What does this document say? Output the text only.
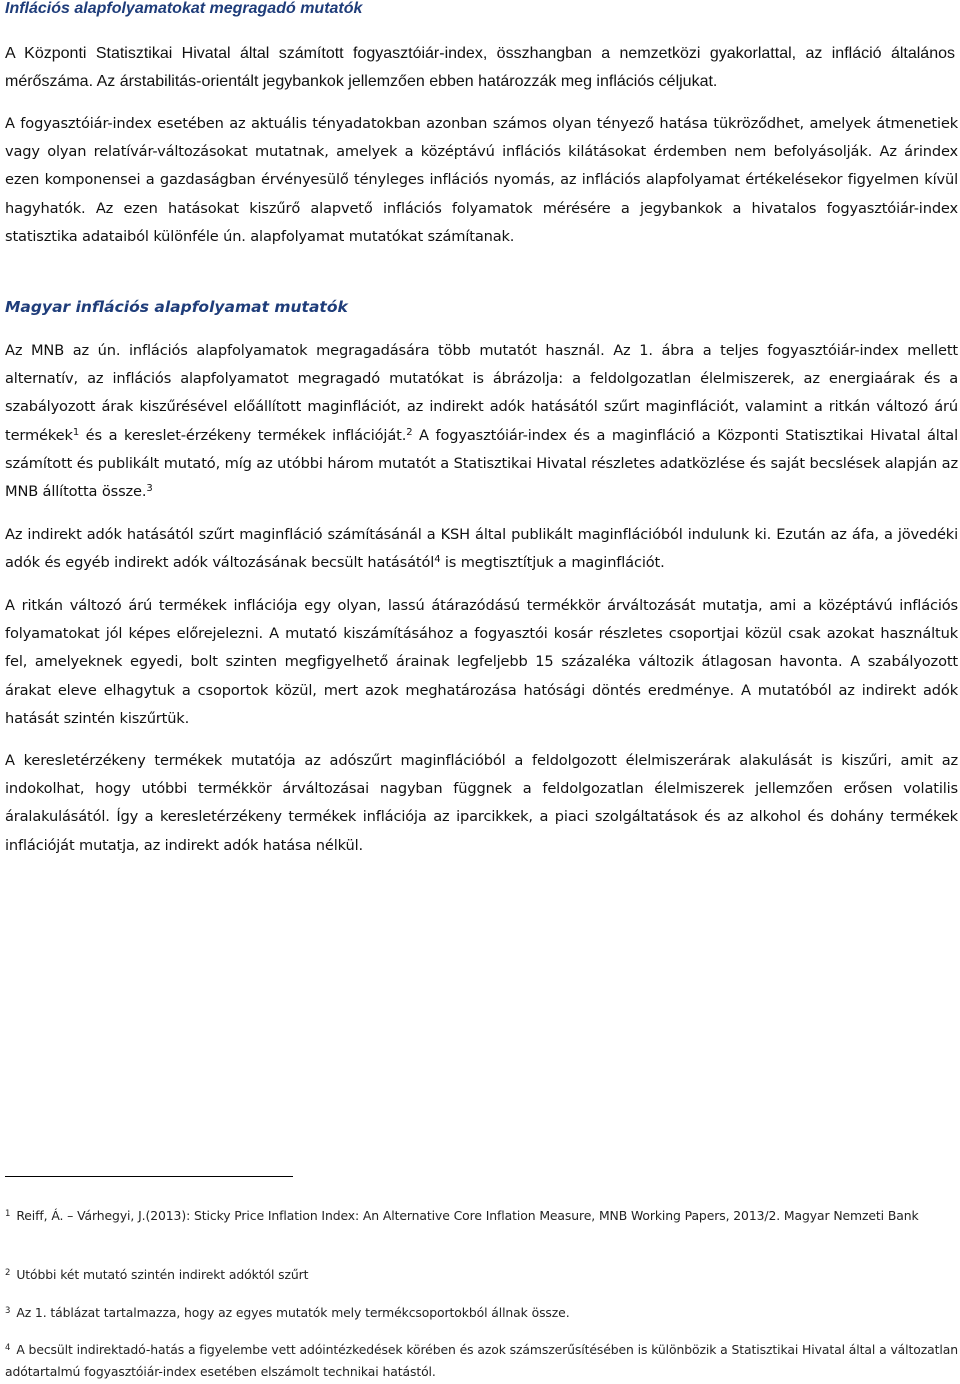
Inflációs alapfolyamatokat megragadó mutatók

A Központi Statisztikai Hivatal által számított fogyasztóiár-index, összhangban a nemzetközi gyakorlattal, az infláció általános mérőszáma. Az árstabilitás-orientált jegybankok jellemzően ebben határozzák meg inflációs céljukat.

A fogyasztóiár-index esetében az aktuális tényadatokban azonban számos olyan tényező hatása tükröződhet, amelyek átmenetiek vagy olyan relatívár-változásokat mutatnak, amelyek a középtávú inflációs kilátásokat érdemben nem befolyásolják. Az árindex ezen komponensei a gazdaságban érvényesülő tényleges inflációs nyomás, az inflációs alapfolyamat értékelésekor figyelmen kívül hagyhatók. Az ezen hatásokat kiszűrő alapvető inflációs folyamatok mérésére a jegybankok a hivatalos fogyasztóiár-index statisztika adataiból különféle ún. alapfolyamat mutatókat számítanak.

Magyar inflációs alapfolyamat mutatók

Az MNB az ún. inflációs alapfolyamatok megragadására több mutatót használ. Az 1. ábra a teljes fogyasztóiár-index mellett alternatív, az inflációs alapfolyamatot megragadó mutatókat is ábrázolja: a feldolgozatlan élelmiszerek, az energiaárak és a szabályozott árak kiszűrésével előállított maginflációt, az indirekt adók hatásától szűrt maginflációt, valamint a ritkán változó árú termékek$^1$ és a kereslet-érzékeny termékek inflációját.$^2$ A fogyasztóiár-index és a maginfláció a Központi Statisztikai Hivatal által számított és publikált mutató, míg az utóbbi három mutatót a Statisztikai Hivatal részletes adatközlése és saját becslések alapján az MNB állította össze.$^3$

Az indirekt adók hatásától szűrt maginfláció számításánál a KSH által publikált maginflációból indulunk ki. Ezután az áfa, a jövedéki adók és egyéb indirekt adók változásának becsült hatásától$^4$ is megtisztítjuk a maginflációt.

A ritkán változó árú termékek inflációja egy olyan, lassú átárazódású termékkör árváltozását mutatja, ami a középtávú inflációs folyamatokat jól képes előrejelezni. A mutató kiszámításához a fogyasztói kosár részletes csoportjai közül csak azokat használtuk fel, amelyeknek egyedi, bolt szinten megfigyelhető árainak legfeljebb 15 százaléka változik átlagosan havonta. A szabályozott árakat eleve elhagytuk a csoportok közül, mert azok meghatározása hatósági döntés eredménye. A mutatóból az indirekt adók hatását szintén kiszűrtük.

A keresletérzékeny termékek mutatója az adószűrt maginflációból a feldolgozott élelmiszerárak alakulását is kiszűri, amit az indokolhat, hogy utóbbi termékkör árváltozásai nagyban függnek a feldolgozatlan élelmiszerek jellemzően erősen volatilis áralakulásától. Így a keresletérzékeny termékek inflációja az iparcikkek, a piaci szolgáltatások és az alkohol és dohány termékek inflációját mutatja, az indirekt adók hatása nélkül.

$^1$ Reiff, Á. – Várhegyi, J.(2013): Sticky Price Inflation Index: An Alternative Core Inflation Measure, MNB Working Papers, 2013/2. Magyar Nemzeti Bank

$^2$ Utóbbi két mutató szintén indirekt adóktól szűrt

$^3$ Az 1. táblázat tartalmazza, hogy az egyes mutatók mely termékcsoportokból állnak össze.

$^4$ A becsült indirektadó-hatás a figyelembe vett adóintézkedések körében és azok számszerűsítésében is különbözik a Statisztikai Hivatal által a változatlan adótartalmú fogyasztóiár-index esetében elszámolt technikai hatástól.
